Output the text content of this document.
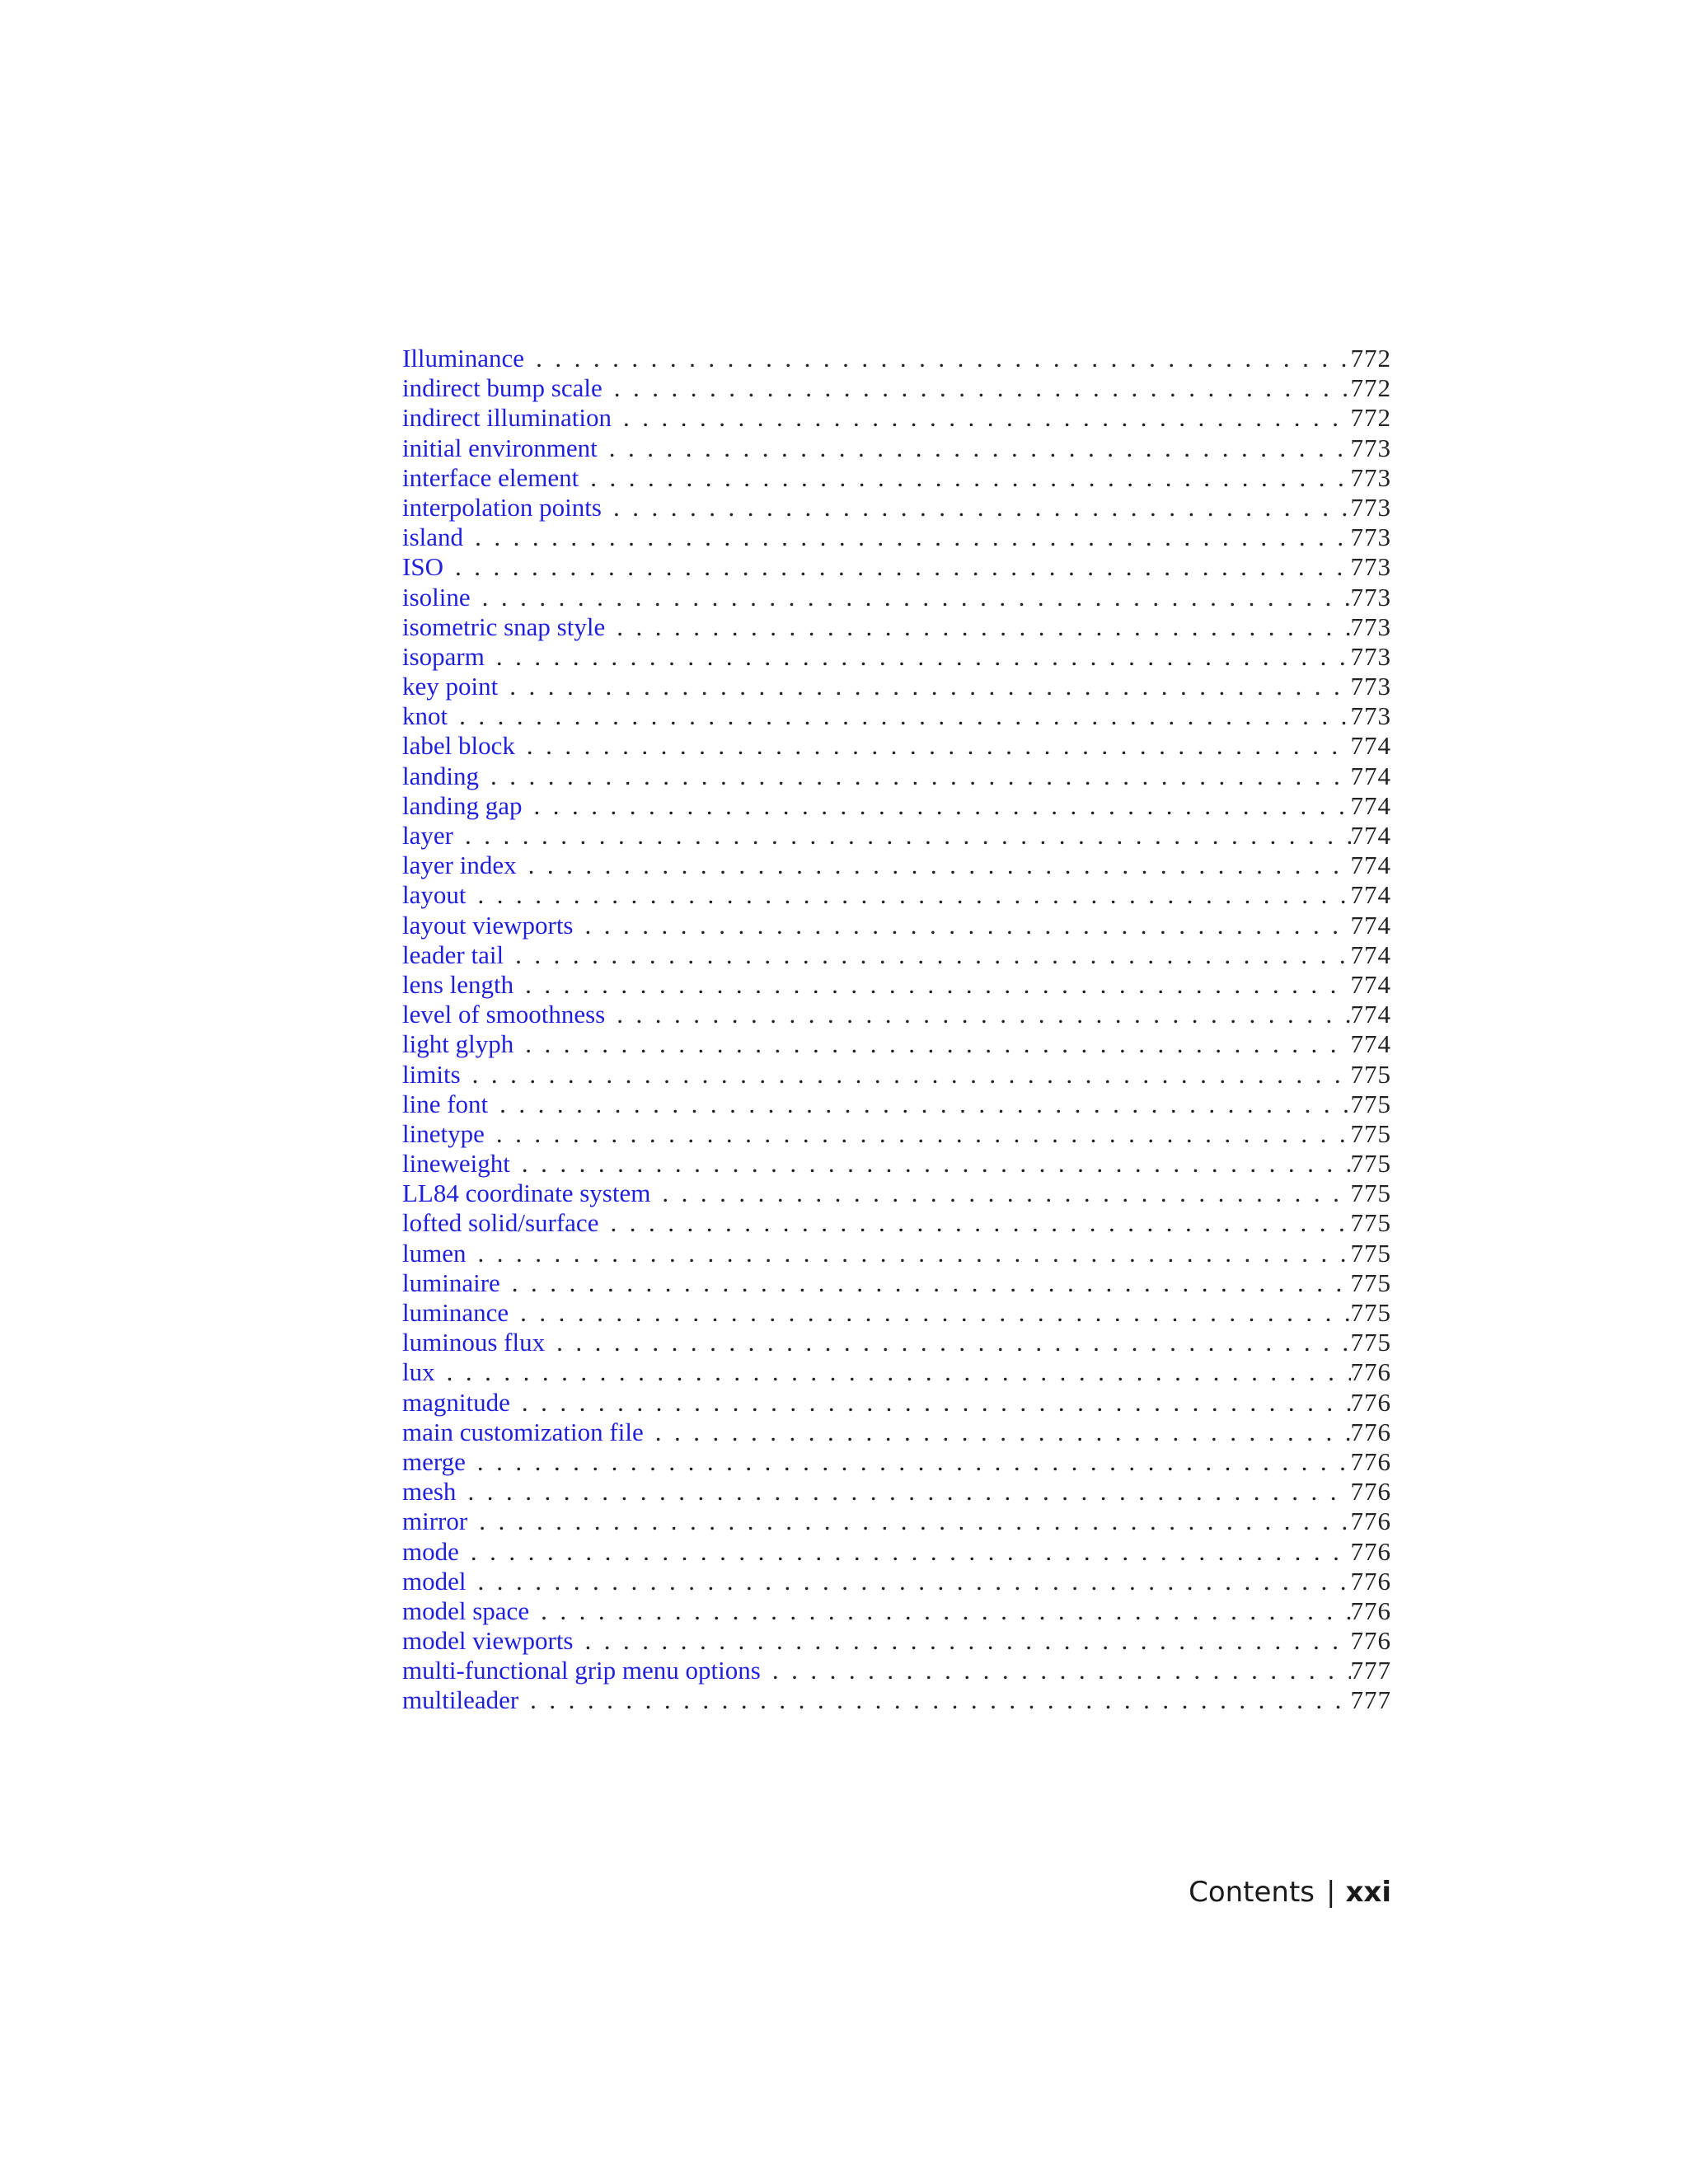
Illuminance .....	772
indirect bump scale .....	772
indirect illumination .....	772
initial environment .....	773
interface element .....	773
interpolation points .....	773
island .....	773
ISO .....	773
isoline .....	773
isometric snap style .....	773
isoparm .....	773
key point .....	773
knot .....	773
label block .....	774
landing .....	774
landing gap .....	774
layer .....	774
layer index .....	774
layout .....	774
layout viewports .....	774
leader tail .....	774
lens length .....	774
level of smoothness .....	774
light glyph .....	774
limits .....	775
line font .....	775
linetype .....	775
lineweight .....	775
LL84 coordinate system .....	775
lofted solid/surface .....	775
lumen .....	775
luminaire .....	775
luminance .....	775
luminous flux .....	775
lux .....	776
magnitude .....	776
main customization file .....	776
merge .....	776
mesh .....	776
mirror .....	776
mode .....	776
model .....	776
model space .....	776
model viewports .....	776
multi-functional grip menu options .....	777
multileader .....	777
Contents | xxi
